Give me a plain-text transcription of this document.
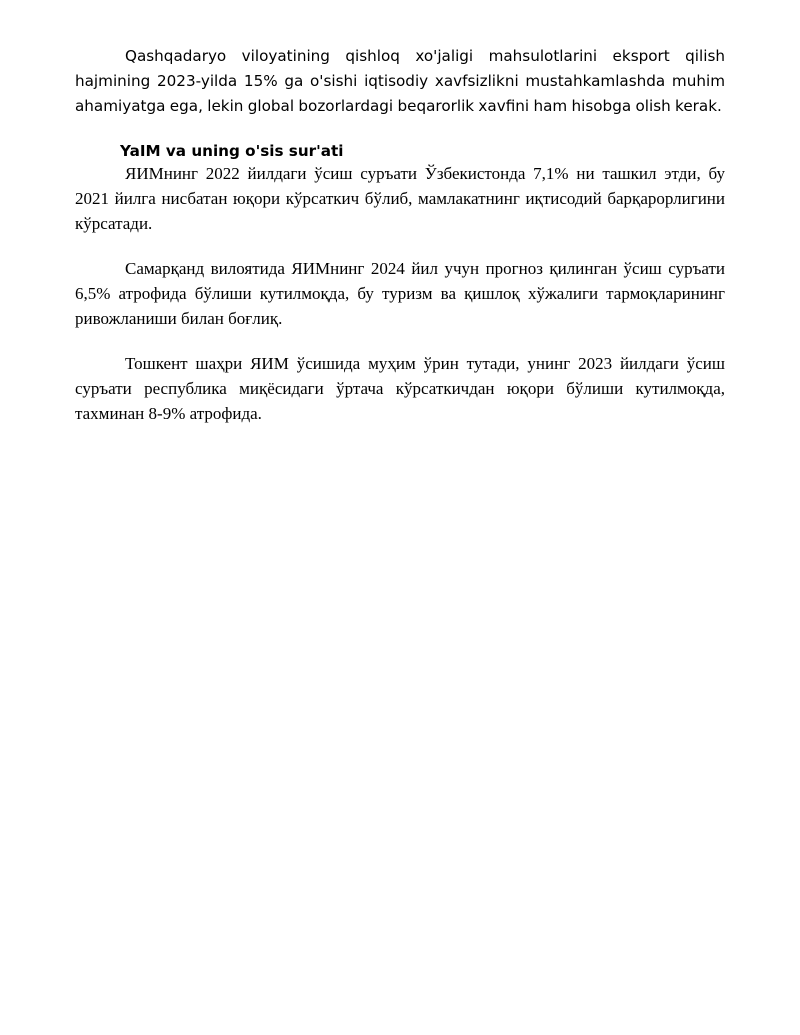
Qashqadaryo viloyatining qishloq xo'jaligi mahsulotlarini eksport qilish hajmining 2023-yilda 15% ga o'sishi iqtisodiy xavfsizlikni mustahkamlashda muhim ahamiyatga ega, lekin global bozorlardagi beqarorlik xavfini ham hisobga olish kerak.

YaIM va uning o'sis sur'ati

ЯИМнинг 2022 йилдаги ўсиш суръати Ўзбекистонда 7,1% ни ташкил этди, бу 2021 йилга нисбатан юқори кўрсаткич бўлиб, мамлакатнинг иқтисодий барқарорлигини кўрсатади.

Самарқанд вилоятида ЯИМнинг 2024 йил учун прогноз қилинган ўсиш суръати 6,5% атрофида бўлиши кутилмоқда, бу туризм ва қишлоқ хўжалиги тармоқларининг ривожланиши билан боғлиқ.

Тошкент шаҳри ЯИМ ўсишида муҳим ўрин тутади, унинг 2023 йилдаги ўсиш суръати республика миқёсидаги ўртача кўрсаткичдан юқори бўлиши кутилмоқда, тахминан 8-9% атрофида.
